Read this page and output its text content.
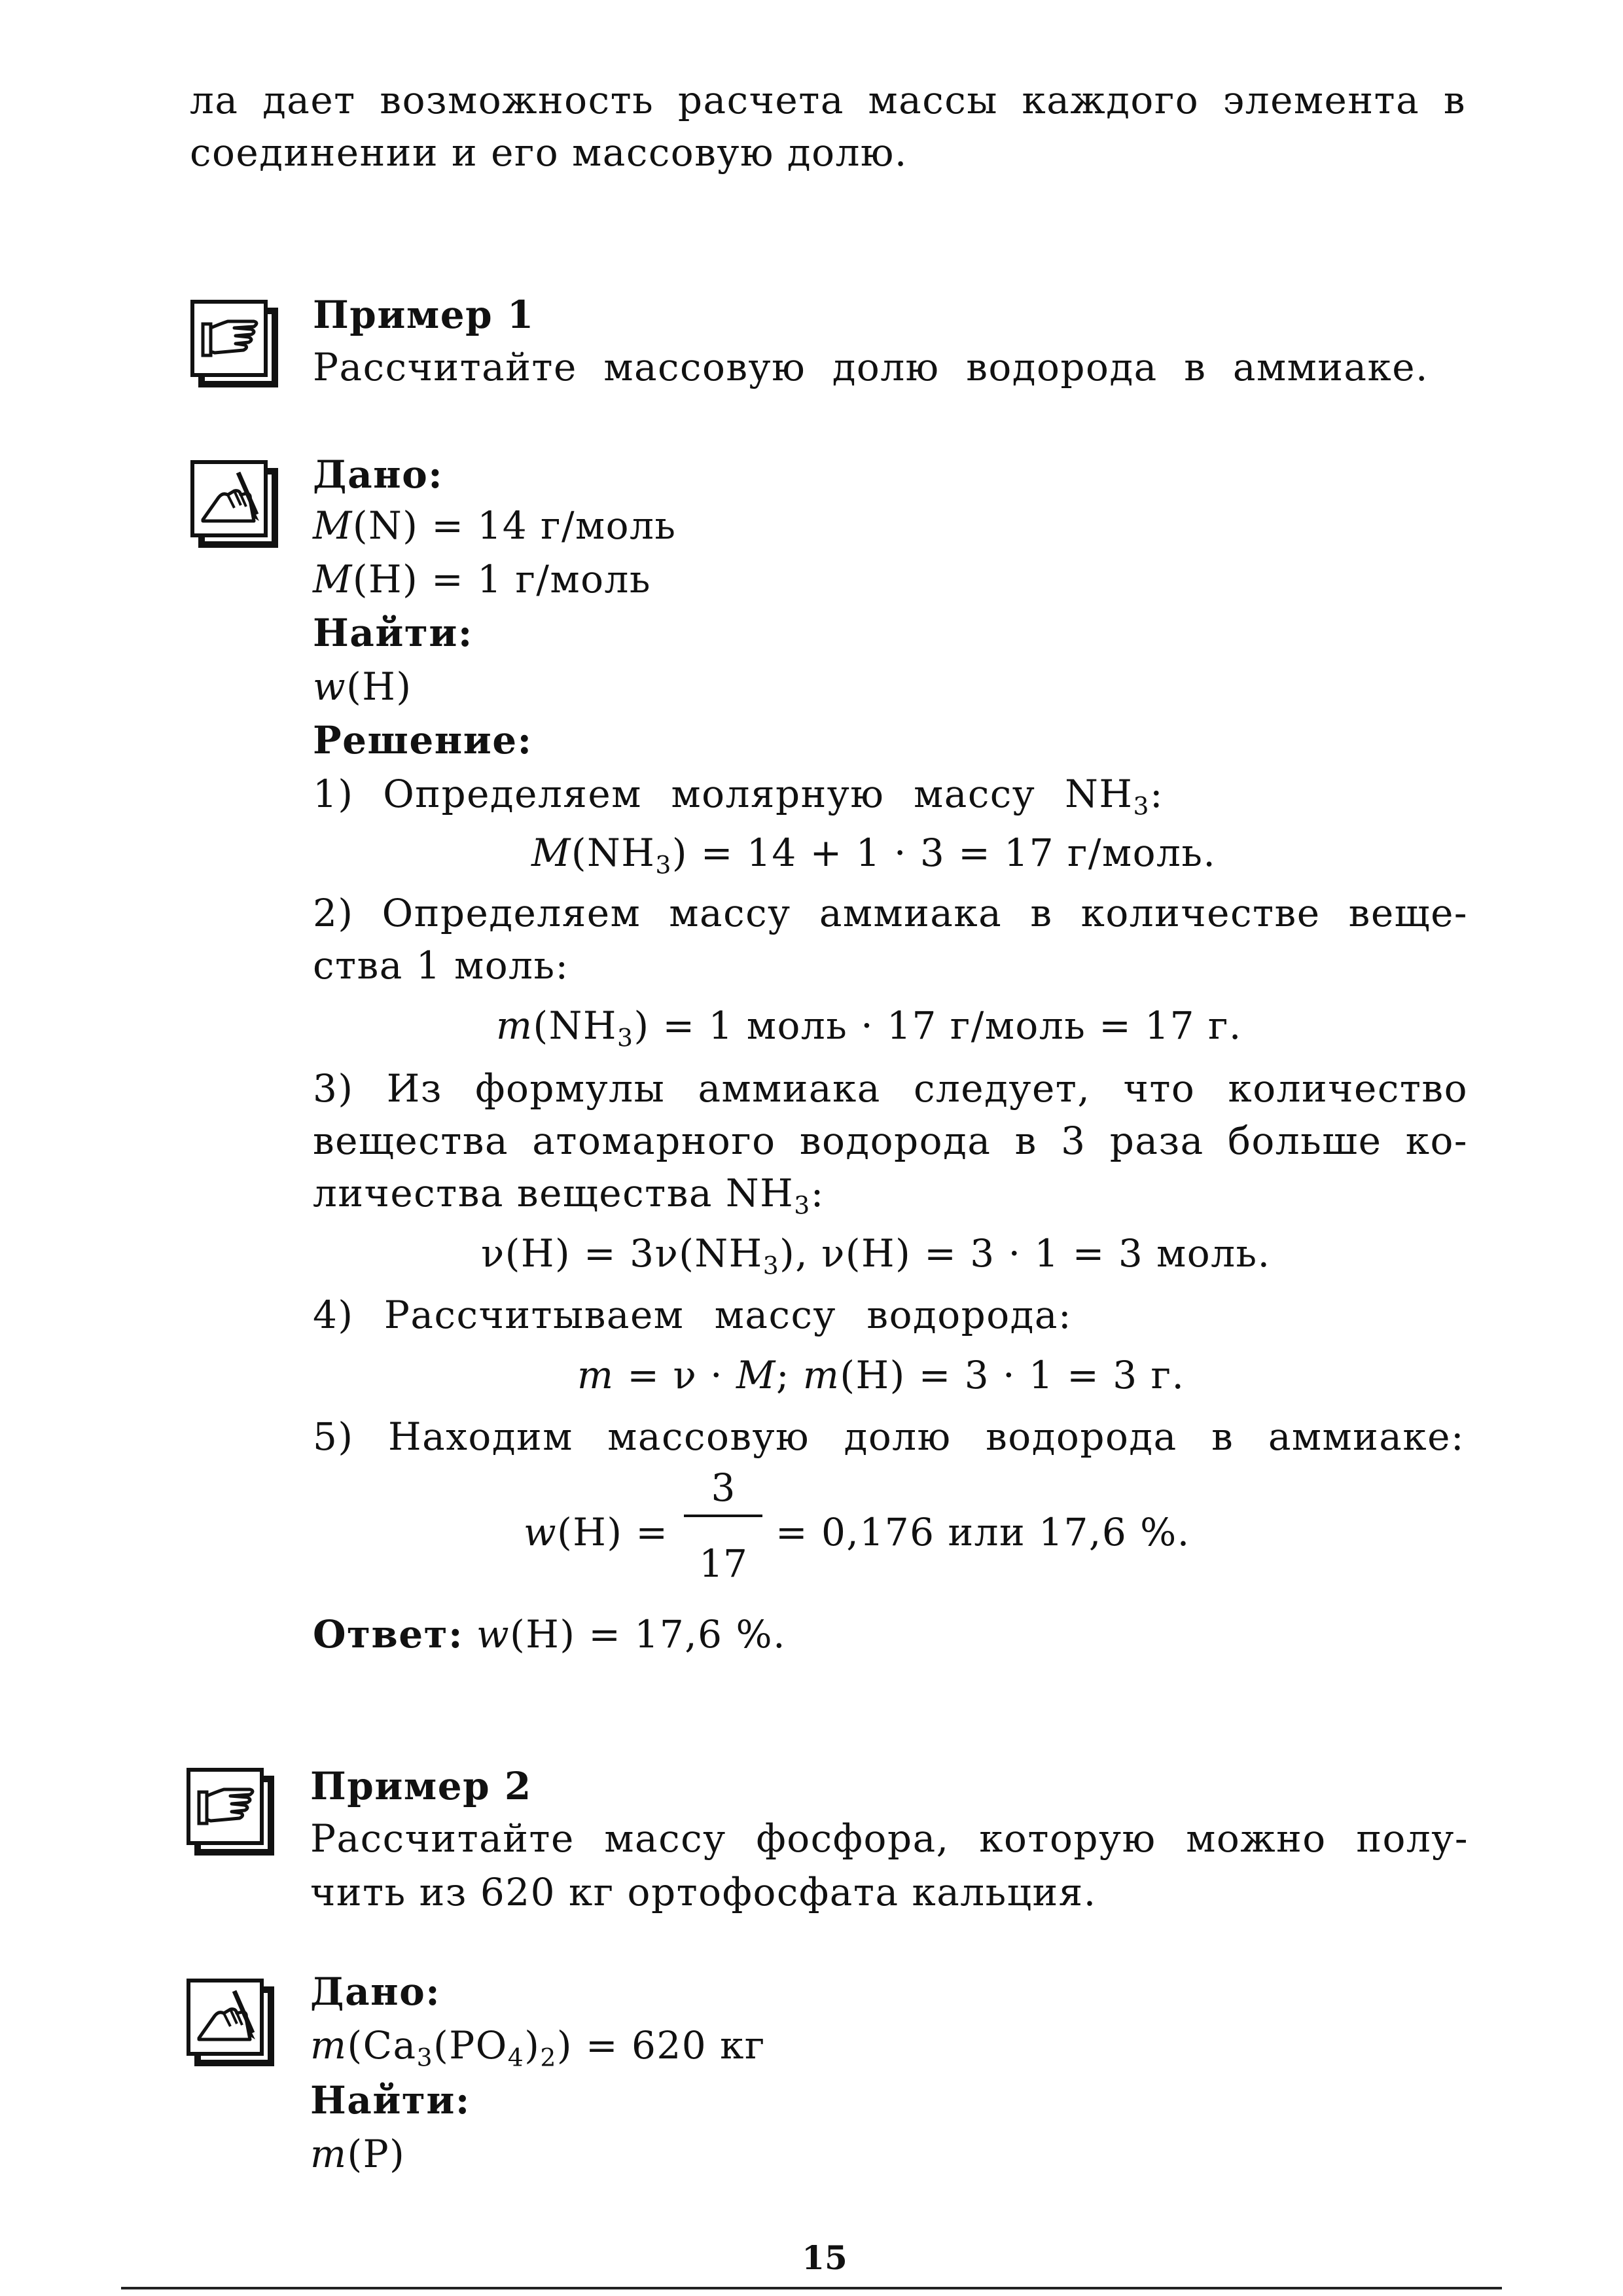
ла дает возможность расчета массы каждого элемента в
соединении и его массовую долю.
Пример 1
Рассчитайте массовую долю водорода в аммиаке.
Дано:
M(N) = 14 г/моль
M(H) = 1 г/моль
Найти:
w(H)
Решение:
1) Определяем молярную массу $NH_3$:
$M(NH_3) = 14 + 1 \cdot 3 = 17$ г/моль.
2) Определяем массу аммиака в количестве веще-
ства 1 моль:
$m(NH_3) = 1$ моль · 17 г/моль = 17 г.
3) Из формулы аммиака следует, что количество
вещества атомарного водорода в 3 раза больше ко-
личества вещества $NH_3$:
$\nu(H) = 3\nu(NH_3)$, ν(H) = 3 · 1 = 3 моль.
4) Рассчитываем массу водорода:
m = ν · M; m(H) = 3 · 1 = 3 г.
5) Находим массовую долю водорода в аммиаке:
w(H) =
3
17
= 0,176 или 17,6 %.
Ответ: w(H) = 17,6 %.
Пример 2
Рассчитайте массу фосфора, которую можно полу-
чить из 620 кг ортофосфата кальция.
Дано:
$m(Ca_3(PO_4)_2) = 620$ кг
Найти:
m(P)
15
